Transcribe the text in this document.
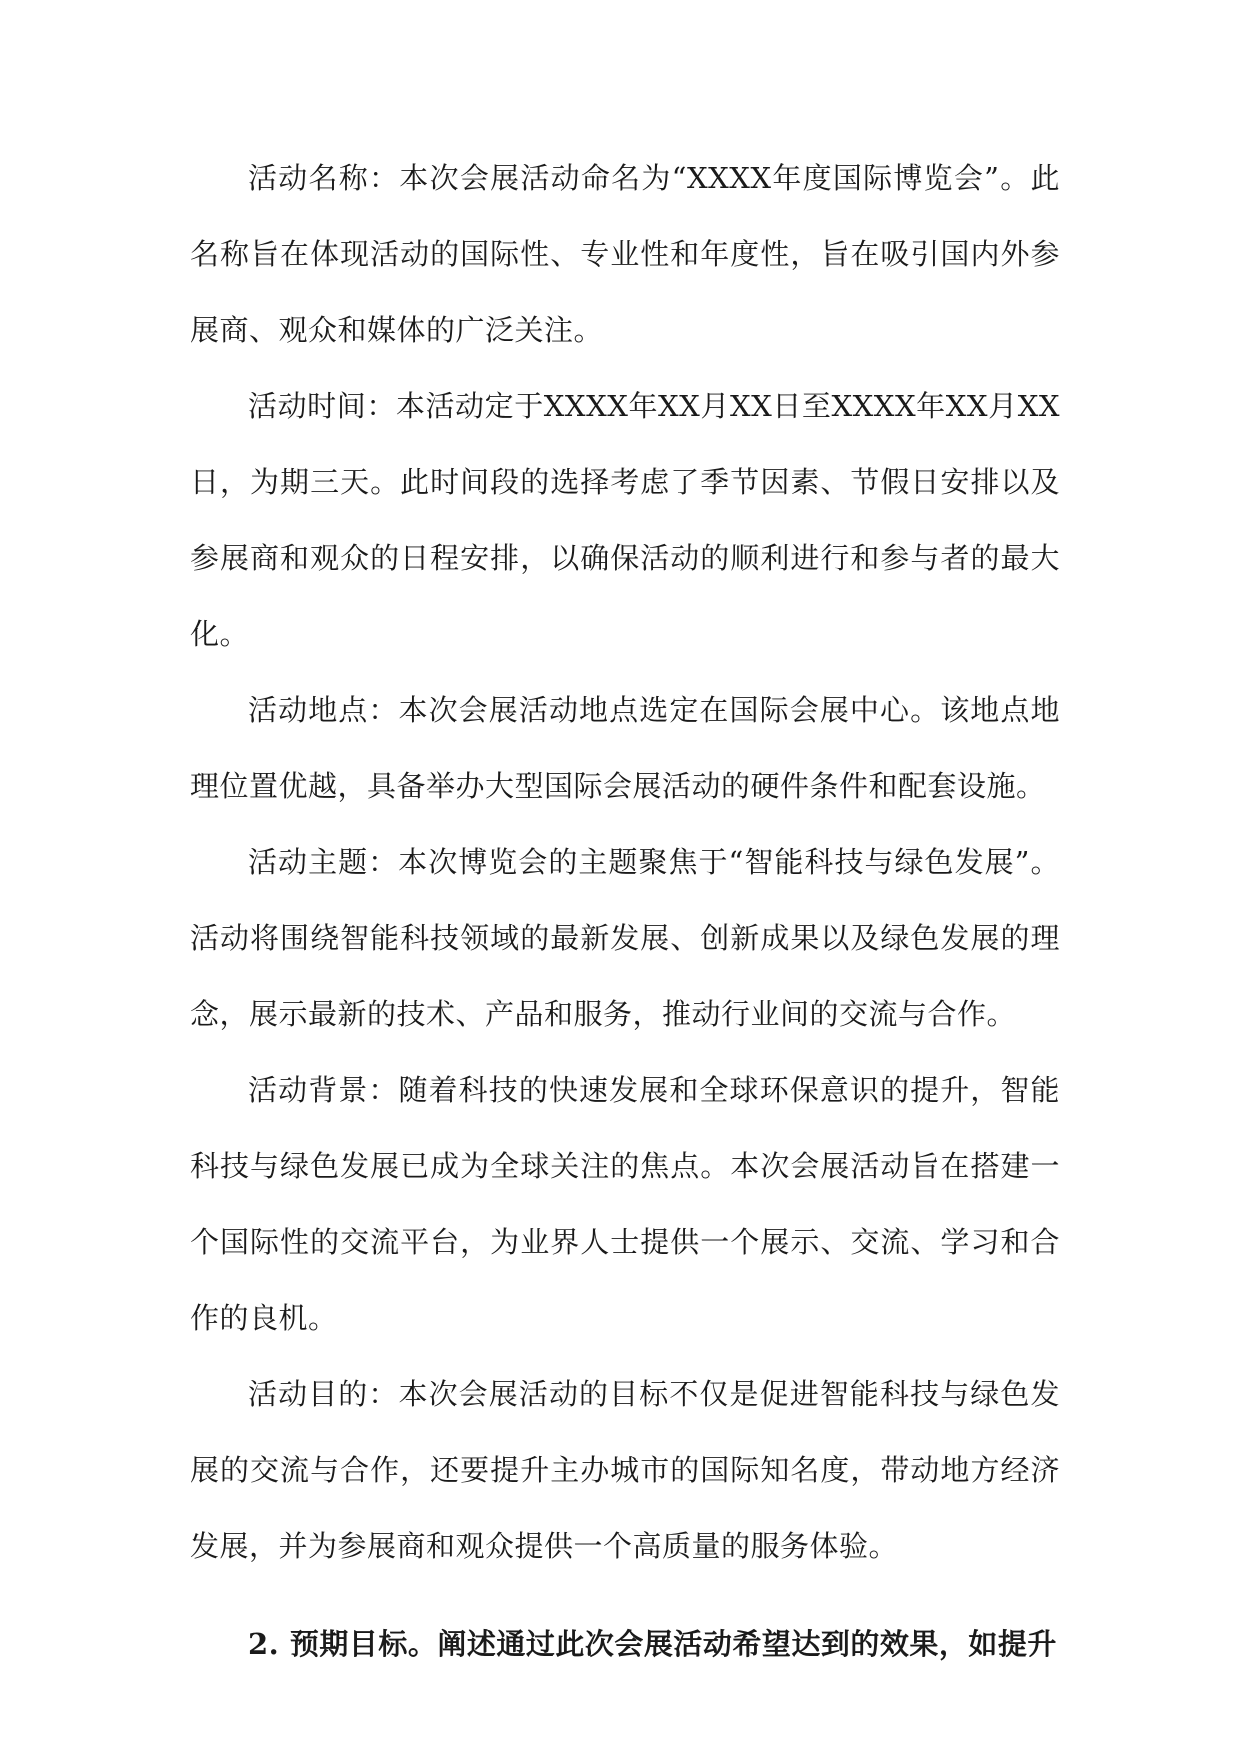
活动名称：本次会展活动命名为“XXXX年度国际博览会”。此名称旨在体现活动的国际性、专业性和年度性，旨在吸引国内外参展商、观众和媒体的广泛关注。

活动时间：本活动定于XXXX年XX月XX日至XXXX年XX月XX日，为期三天。此时间段的选择考虑了季节因素、节假日安排以及参展商和观众的日程安排，以确保活动的顺利进行和参与者的最大化。

活动地点：本次会展活动地点选定在国际会展中心。该地点地理位置优越，具备举办大型国际会展活动的硬件条件和配套设施。

活动主题：本次博览会的主题聚焦于“智能科技与绿色发展”。活动将围绕智能科技领域的最新发展、创新成果以及绿色发展的理念，展示最新的技术、产品和服务，推动行业间的交流与合作。

活动背景：随着科技的快速发展和全球环保意识的提升，智能科技与绿色发展已成为全球关注的焦点。本次会展活动旨在搭建一个国际性的交流平台，为业界人士提供一个展示、交流、学习和合作的良机。

活动目的：本次会展活动的目标不仅是促进智能科技与绿色发展的交流与合作，还要提升主办城市的国际知名度，带动地方经济发展，并为参展商和观众提供一个高质量的服务体验。

2. 预期目标。阐述通过此次会展活动希望达到的效果，如提升
